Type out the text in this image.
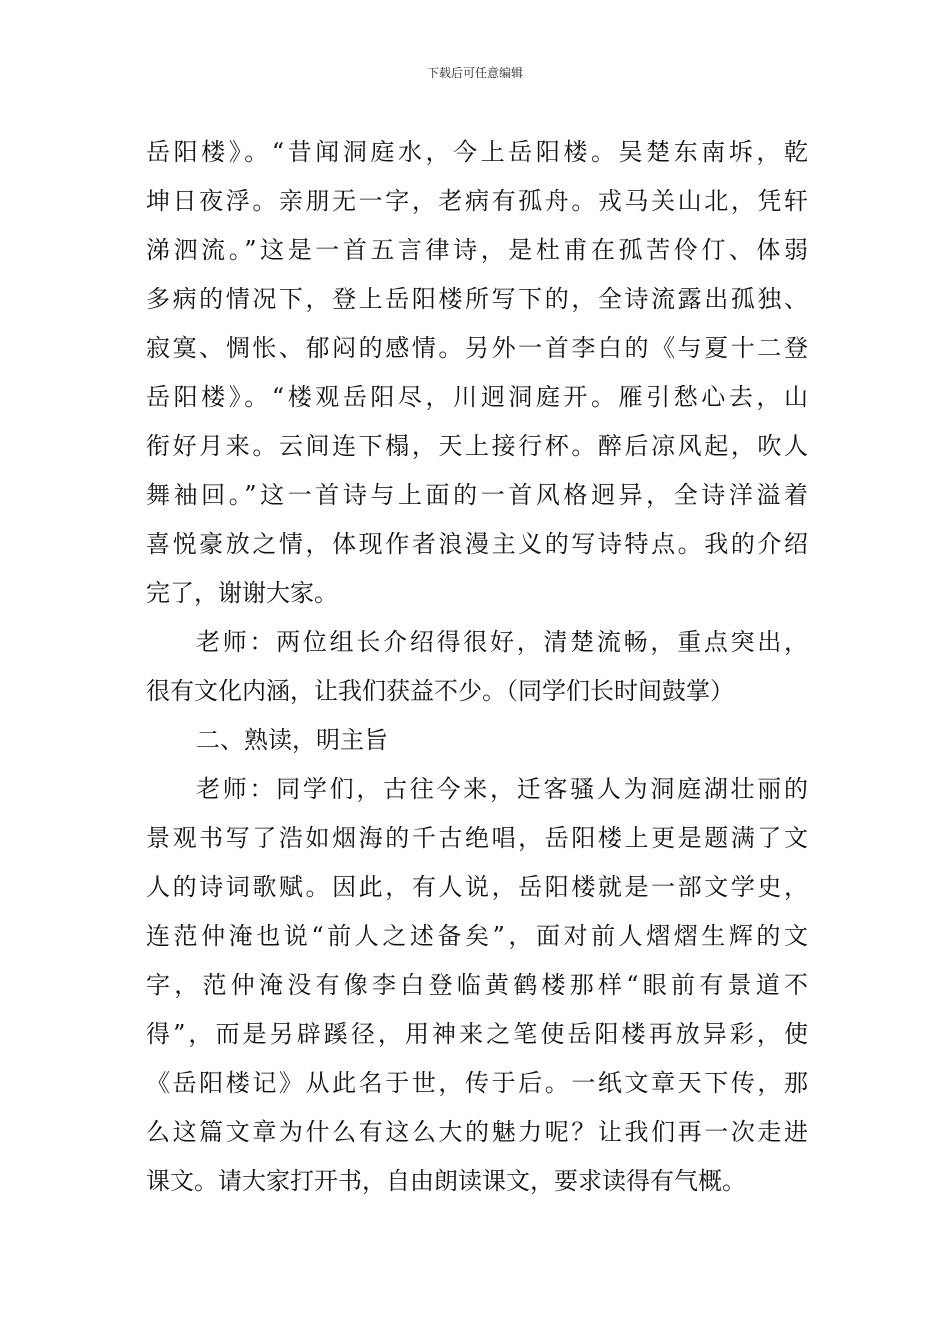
下载后可任意编辑
岳阳楼》。“昔闻洞庭水，今上岳阳楼。吴楚东南坼，乾
坤日夜浮。亲朋无一字，老病有孤舟。戎马关山北，凭轩
涕泗流。”这是一首五言律诗，是杜甫在孤苦伶仃、体弱
多病的情况下，登上岳阳楼所写下的，全诗流露出孤独、
寂寞、惆怅、郁闷的感情。另外一首李白的《与夏十二登
岳阳楼》。“楼观岳阳尽，川迥洞庭开。雁引愁心去，山
衔好月来。云间连下榻，天上接行杯。醉后凉风起，吹人
舞袖回。”这一首诗与上面的一首风格迥异，全诗洋溢着
喜悦豪放之情，体现作者浪漫主义的写诗特点。我的介绍
完了，谢谢大家。
老师：两位组长介绍得很好，清楚流畅，重点突出，
很有文化内涵，让我们获益不少。（同学们长时间鼓掌）
二、熟读，明主旨
老师：同学们，古往今来，迁客骚人为洞庭湖壮丽的
景观书写了浩如烟海的千古绝唱，岳阳楼上更是题满了文
人的诗词歌赋。因此，有人说，岳阳楼就是一部文学史，
连范仲淹也说“前人之述备矣”，面对前人熠熠生辉的文
字，范仲淹没有像李白登临黄鹤楼那样“眼前有景道不
得”，而是另辟蹊径，用神来之笔使岳阳楼再放异彩，使
《岳阳楼记》从此名于世，传于后。一纸文章天下传，那
么这篇文章为什么有这么大的魅力呢？让我们再一次走进
课文。请大家打开书，自由朗读课文，要求读得有气概。
